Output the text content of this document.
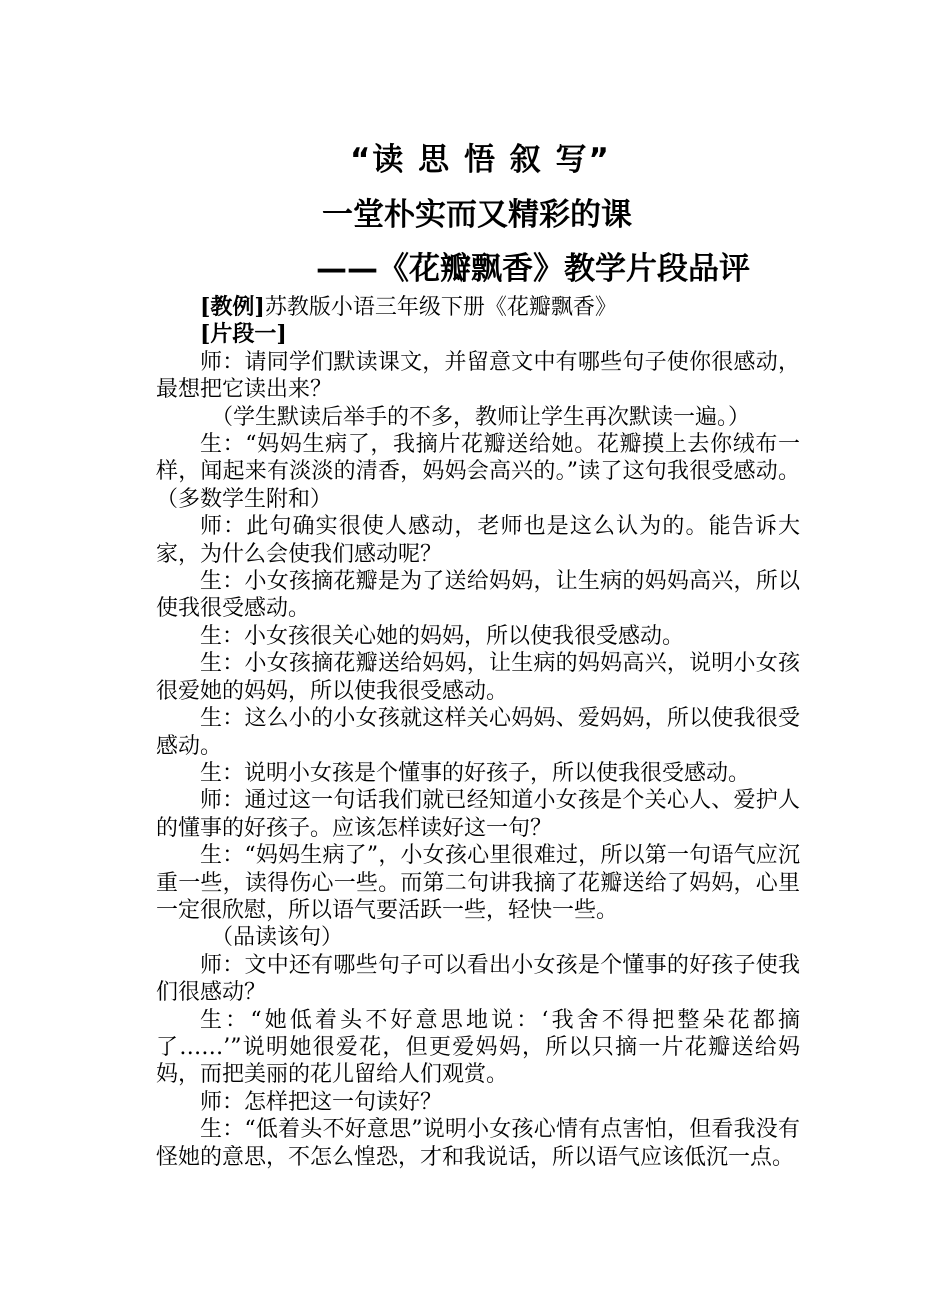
“读 思 悟 叙 写”
一堂朴实而又精彩的课
——《花瓣飘香》教学片段品评

[教例]苏教版小语三年级下册《花瓣飘香》

[片段一]

师：请同学们默读课文，并留意文中有哪些句子使你很感动，最想把它读出来？

（学生默读后举手的不多，教师让学生再次默读一遍。）

生：“妈妈生病了，我摘片花瓣送给她。花瓣摸上去你绒布一样，闻起来有淡淡的清香，妈妈会高兴的。”读了这句我很受感动。（多数学生附和）

师：此句确实很使人感动，老师也是这么认为的。能告诉大家，为什么会使我们感动呢？

生：小女孩摘花瓣是为了送给妈妈，让生病的妈妈高兴，所以使我很受感动。

生：小女孩很关心她的妈妈，所以使我很受感动。

生：小女孩摘花瓣送给妈妈，让生病的妈妈高兴，说明小女孩很爱她的妈妈，所以使我很受感动。

生：这么小的小女孩就这样关心妈妈、爱妈妈，所以使我很受感动。

生：说明小女孩是个懂事的好孩子，所以使我很受感动。

师：通过这一句话我们就已经知道小女孩是个关心人、爱护人的懂事的好孩子。应该怎样读好这一句？

生：“妈妈生病了”，小女孩心里很难过，所以第一句语气应沉重一些，读得伤心一些。而第二句讲我摘了花瓣送给了妈妈，心里一定很欣慰，所以语气要活跃一些，轻快一些。

（品读该句）

师：文中还有哪些句子可以看出小女孩是个懂事的好孩子使我们很感动？

生：“她低着头不好意思地说：‘我舍不得把整朵花都摘了……’”说明她很爱花，但更爱妈妈，所以只摘一片花瓣送给妈妈，而把美丽的花儿留给人们观赏。

师：怎样把这一句读好？

生：“低着头不好意思”说明小女孩心情有点害怕，但看我没有怪她的意思，不怎么惶恐，才和我说话，所以语气应该低沉一点。
